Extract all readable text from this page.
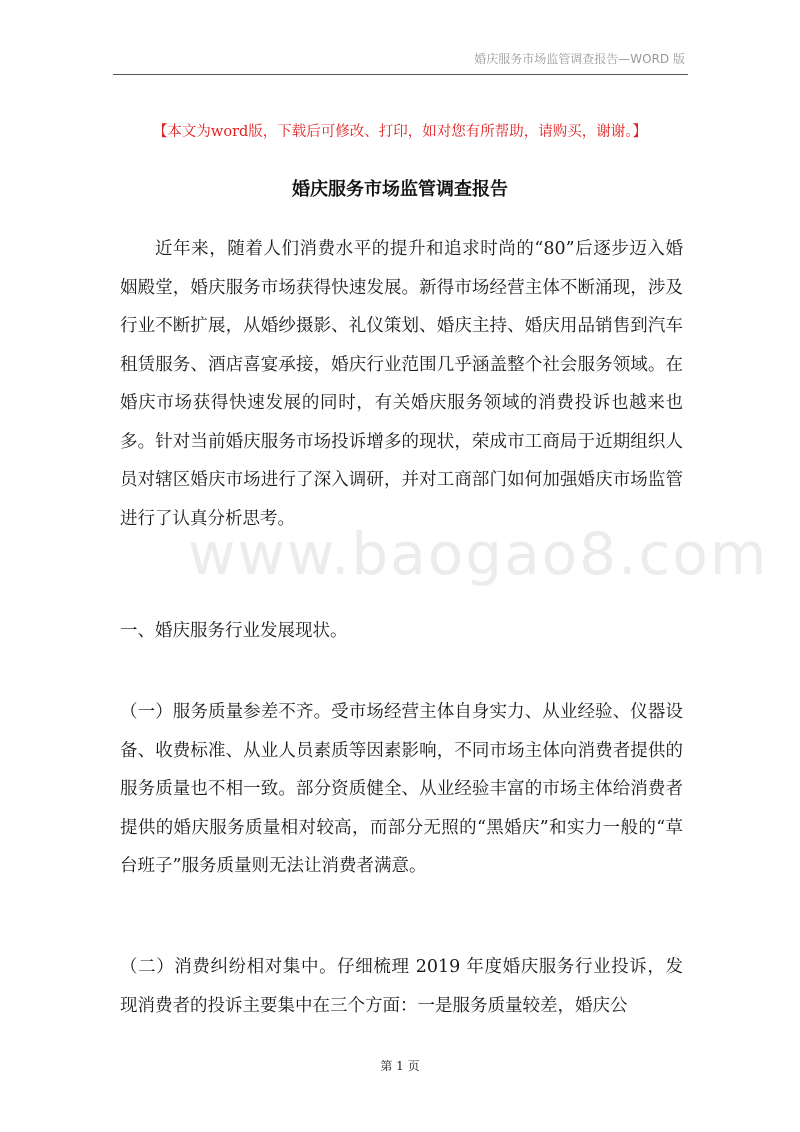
婚庆服务市场监管调查报告—WORD 版
【本文为word版，下载后可修改、打印，如对您有所帮助，请购买，谢谢。】
婚庆服务市场监管调查报告
www.baogao8.com
近年来，随着人们消费水平的提升和追求时尚的“80”后逐步迈入婚姻殿堂，婚庆服务市场获得快速发展。新得市场经营主体不断涌现，涉及行业不断扩展，从婚纱摄影、礼仪策划、婚庆主持、婚庆用品销售到汽车租赁服务、酒店喜宴承接，婚庆行业范围几乎涵盖整个社会服务领域。在婚庆市场获得快速发展的同时，有关婚庆服务领域的消费投诉也越来也多。针对当前婚庆服务市场投诉增多的现状，荣成市工商局于近期组织人员对辖区婚庆市场进行了深入调研，并对工商部门如何加强婚庆市场监管进行了认真分析思考。
一、婚庆服务行业发展现状。
（一）服务质量参差不齐。受市场经营主体自身实力、从业经验、仪器设备、收费标准、从业人员素质等因素影响，不同市场主体向消费者提供的服务质量也不相一致。部分资质健全、从业经验丰富的市场主体给消费者提供的婚庆服务质量相对较高，而部分无照的“黑婚庆”和实力一般的“草台班子”服务质量则无法让消费者满意。
（二）消费纠纷相对集中。仔细梳理 2019 年度婚庆服务行业投诉，发现消费者的投诉主要集中在三个方面：一是服务质量较差，婚庆公
第 1 页
